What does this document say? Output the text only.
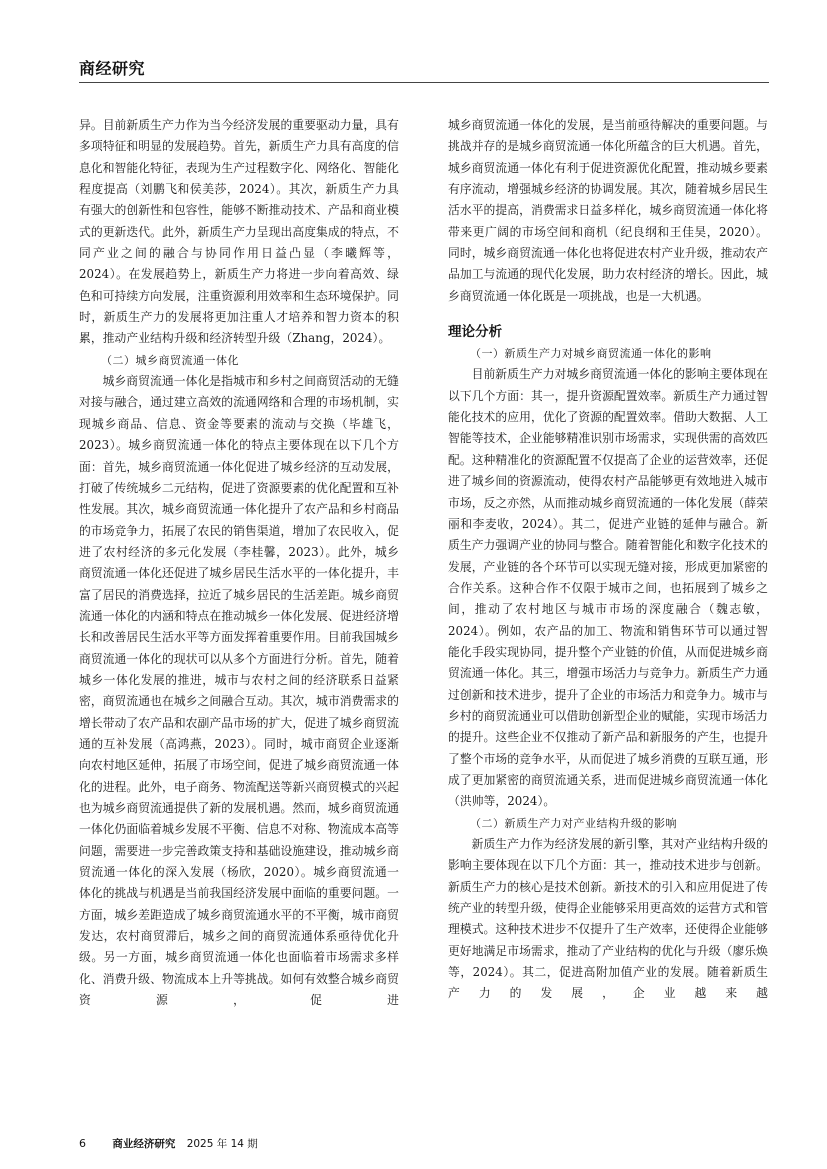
商经研究

异。目前新质生产力作为当今经济发展的重要驱动力量，具有多项特征和明显的发展趋势。首先，新质生产力具有高度的信息化和智能化特征，表现为生产过程数字化、网络化、智能化程度提高（刘鹏飞和侯美莎，2024）。其次，新质生产力具有强大的创新性和包容性，能够不断推动技术、产品和商业模式的更新迭代。此外，新质生产力呈现出高度集成的特点，不同产业之间的融合与协同作用日益凸显（李曦辉等，2024）。在发展趋势上，新质生产力将进一步向着高效、绿色和可持续方向发展，注重资源利用效率和生态环境保护。同时，新质生产力的发展将更加注重人才培养和智力资本的积累，推动产业结构升级和经济转型升级（Zhang，2024）。

（二）城乡商贸流通一体化

城乡商贸流通一体化是指城市和乡村之间商贸活动的无缝对接与融合，通过建立高效的流通网络和合理的市场机制，实现城乡商品、信息、资金等要素的流动与交换（毕雄飞，2023）。城乡商贸流通一体化的特点主要体现在以下几个方面：首先，城乡商贸流通一体化促进了城乡经济的互动发展，打破了传统城乡二元结构，促进了资源要素的优化配置和互补性发展。其次，城乡商贸流通一体化提升了农产品和乡村商品的市场竞争力，拓展了农民的销售渠道，增加了农民收入，促进了农村经济的多元化发展（李桂馨，2023）。此外，城乡商贸流通一体化还促进了城乡居民生活水平的一体化提升，丰富了居民的消费选择，拉近了城乡居民的生活差距。城乡商贸流通一体化的内涵和特点在推动城乡一体化发展、促进经济增长和改善居民生活水平等方面发挥着重要作用。目前我国城乡商贸流通一体化的现状可以从多个方面进行分析。首先，随着城乡一体化发展的推进，城市与农村之间的经济联系日益紧密，商贸流通也在城乡之间融合互动。其次，城市消费需求的增长带动了农产品和农副产品市场的扩大，促进了城乡商贸流通的互补发展（高鸿燕，2023）。同时，城市商贸企业逐渐向农村地区延伸，拓展了市场空间，促进了城乡商贸流通一体化的进程。此外，电子商务、物流配送等新兴商贸模式的兴起也为城乡商贸流通提供了新的发展机遇。然而，城乡商贸流通一体化仍面临着城乡发展不平衡、信息不对称、物流成本高等问题，需要进一步完善政策支持和基础设施建设，推动城乡商贸流通一体化的深入发展（杨欣，2020）。城乡商贸流通一体化的挑战与机遇是当前我国经济发展中面临的重要问题。一方面，城乡差距造成了城乡商贸流通水平的不平衡，城市商贸发达，农村商贸滞后，城乡之间的商贸流通体系亟待优化升级。另一方面，城乡商贸流通一体化也面临着市场需求多样化、消费升级、物流成本上升等挑战。如何有效整合城乡商贸资源，促进

城乡商贸流通一体化的发展，是当前亟待解决的重要问题。与挑战并存的是城乡商贸流通一体化所蕴含的巨大机遇。首先，城乡商贸流通一体化有利于促进资源优化配置，推动城乡要素有序流动，增强城乡经济的协调发展。其次，随着城乡居民生活水平的提高，消费需求日益多样化，城乡商贸流通一体化将带来更广阔的市场空间和商机（纪良纲和王佳昊，2020）。同时，城乡商贸流通一体化也将促进农村产业升级，推动农产品加工与流通的现代化发展，助力农村经济的增长。因此，城乡商贸流通一体化既是一项挑战，也是一大机遇。

理论分析

（一）新质生产力对城乡商贸流通一体化的影响

目前新质生产力对城乡商贸流通一体化的影响主要体现在以下几个方面：其一，提升资源配置效率。新质生产力通过智能化技术的应用，优化了资源的配置效率。借助大数据、人工智能等技术，企业能够精准识别市场需求，实现供需的高效匹配。这种精准化的资源配置不仅提高了企业的运营效率，还促进了城乡间的资源流动，使得农村产品能够更有效地进入城市市场，反之亦然，从而推动城乡商贸流通的一体化发展（薛荣丽和李麦收，2024）。其二，促进产业链的延伸与融合。新质生产力强调产业的协同与整合。随着智能化和数字化技术的发展，产业链的各个环节可以实现无缝对接，形成更加紧密的合作关系。这种合作不仅限于城市之间，也拓展到了城乡之间，推动了农村地区与城市市场的深度融合（魏志敏，2024）。例如，农产品的加工、物流和销售环节可以通过智能化手段实现协同，提升整个产业链的价值，从而促进城乡商贸流通一体化。其三，增强市场活力与竞争力。新质生产力通过创新和技术进步，提升了企业的市场活力和竞争力。城市与乡村的商贸流通业可以借助创新型企业的赋能，实现市场活力的提升。这些企业不仅推动了新产品和新服务的产生，也提升了整个市场的竞争水平，从而促进了城乡消费的互联互通，形成了更加紧密的商贸流通关系，进而促进城乡商贸流通一体化（洪帅等，2024）。

（二）新质生产力对产业结构升级的影响

新质生产力作为经济发展的新引擎，其对产业结构升级的影响主要体现在以下几个方面：其一，推动技术进步与创新。新质生产力的核心是技术创新。新技术的引入和应用促进了传统产业的转型升级，使得企业能够采用更高效的运营方式和管理模式。这种技术进步不仅提升了生产效率，还使得企业能够更好地满足市场需求，推动了产业结构的优化与升级（廖乐焕等，2024）。其二，促进高附加值产业的发展。随着新质生产力的发展，企业越来越

6	商业经济研究 2025 年 14 期
